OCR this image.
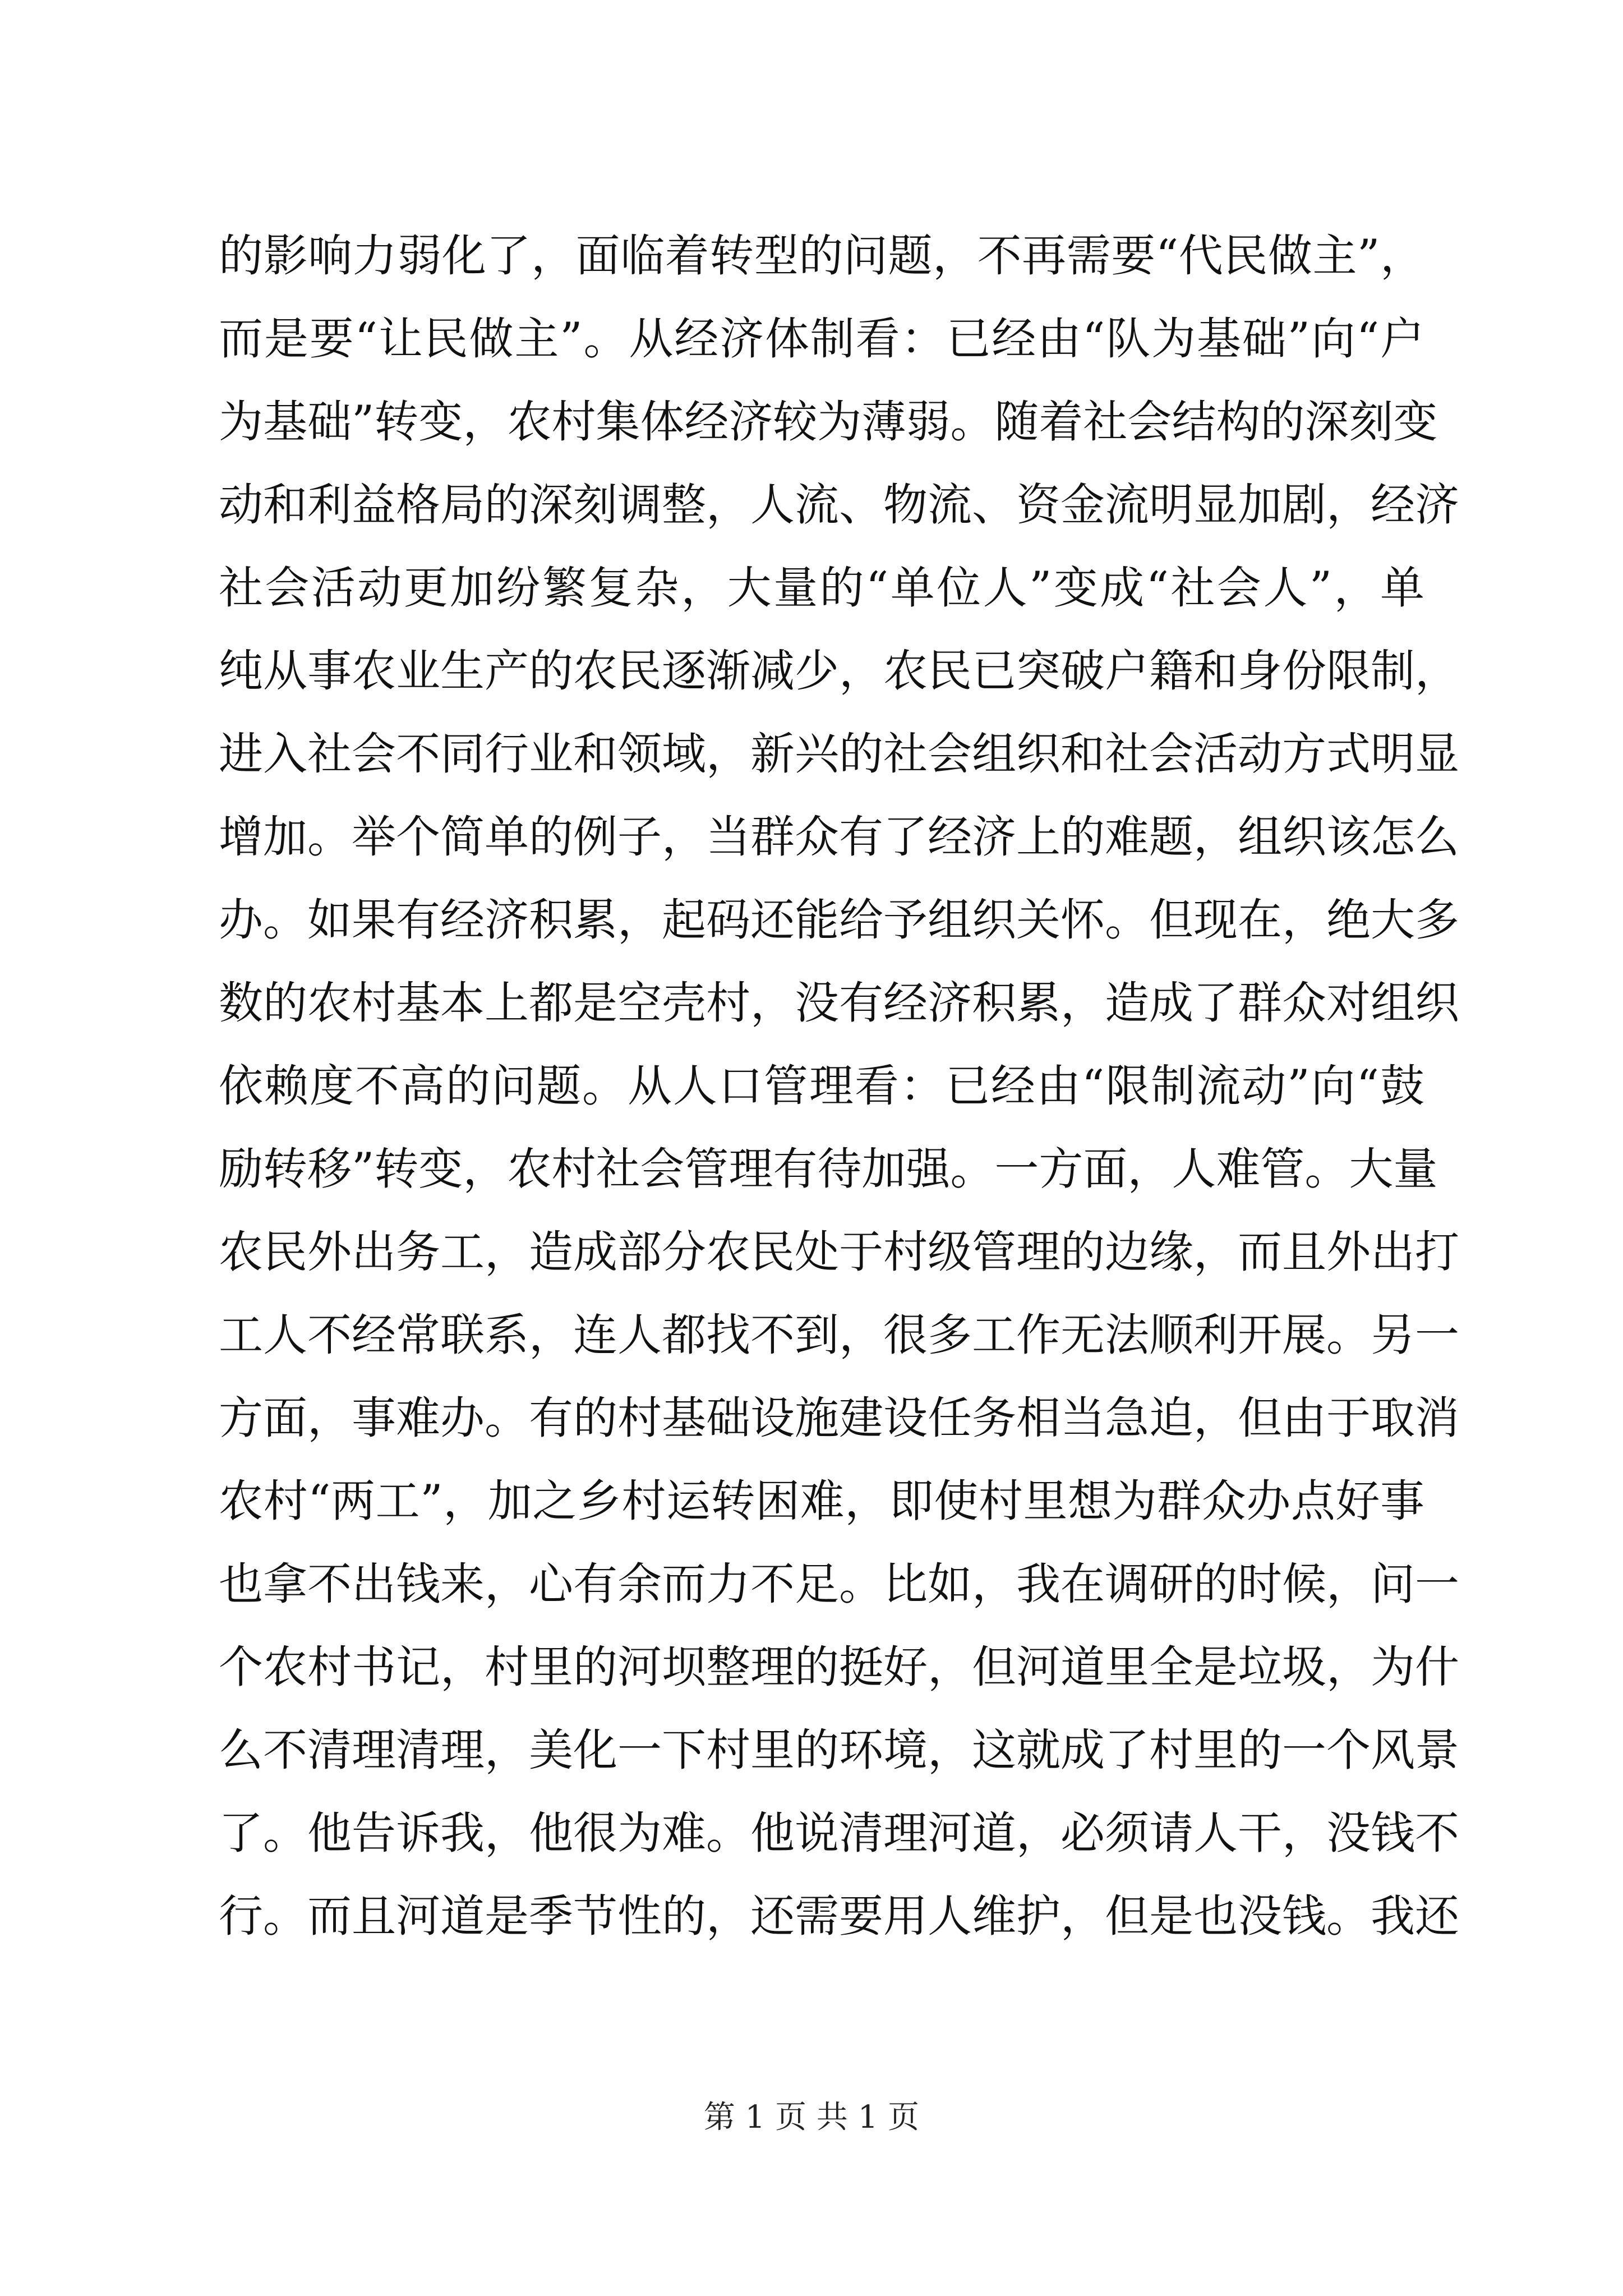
的影响力弱化了，面临着转型的问题，不再需要“代民做主”，
而是要“让民做主”。从经济体制看：已经由“队为基础”向“户
为基础”转变，农村集体经济较为薄弱。随着社会结构的深刻变
动和利益格局的深刻调整，人流、物流、资金流明显加剧，经济
社会活动更加纷繁复杂，大量的“单位人”变成“社会人”，单
纯从事农业生产的农民逐渐减少，农民已突破户籍和身份限制，
进入社会不同行业和领域，新兴的社会组织和社会活动方式明显
增加。举个简单的例子，当群众有了经济上的难题，组织该怎么
办。如果有经济积累，起码还能给予组织关怀。但现在，绝大多
数的农村基本上都是空壳村，没有经济积累，造成了群众对组织
依赖度不高的问题。从人口管理看：已经由“限制流动”向“鼓
励转移”转变，农村社会管理有待加强。一方面，人难管。大量
农民外出务工，造成部分农民处于村级管理的边缘，而且外出打
工人不经常联系，连人都找不到，很多工作无法顺利开展。另一
方面，事难办。有的村基础设施建设任务相当急迫，但由于取消
农村“两工”，加之乡村运转困难，即使村里想为群众办点好事
也拿不出钱来，心有余而力不足。比如，我在调研的时候，问一
个农村书记，村里的河坝整理的挺好，但河道里全是垃圾，为什
么不清理清理，美化一下村里的环境，这就成了村里的一个风景
了。他告诉我，他很为难。他说清理河道，必须请人干，没钱不
行。而且河道是季节性的，还需要用人维护，但是也没钱。我还
第 1 页 共 1 页
